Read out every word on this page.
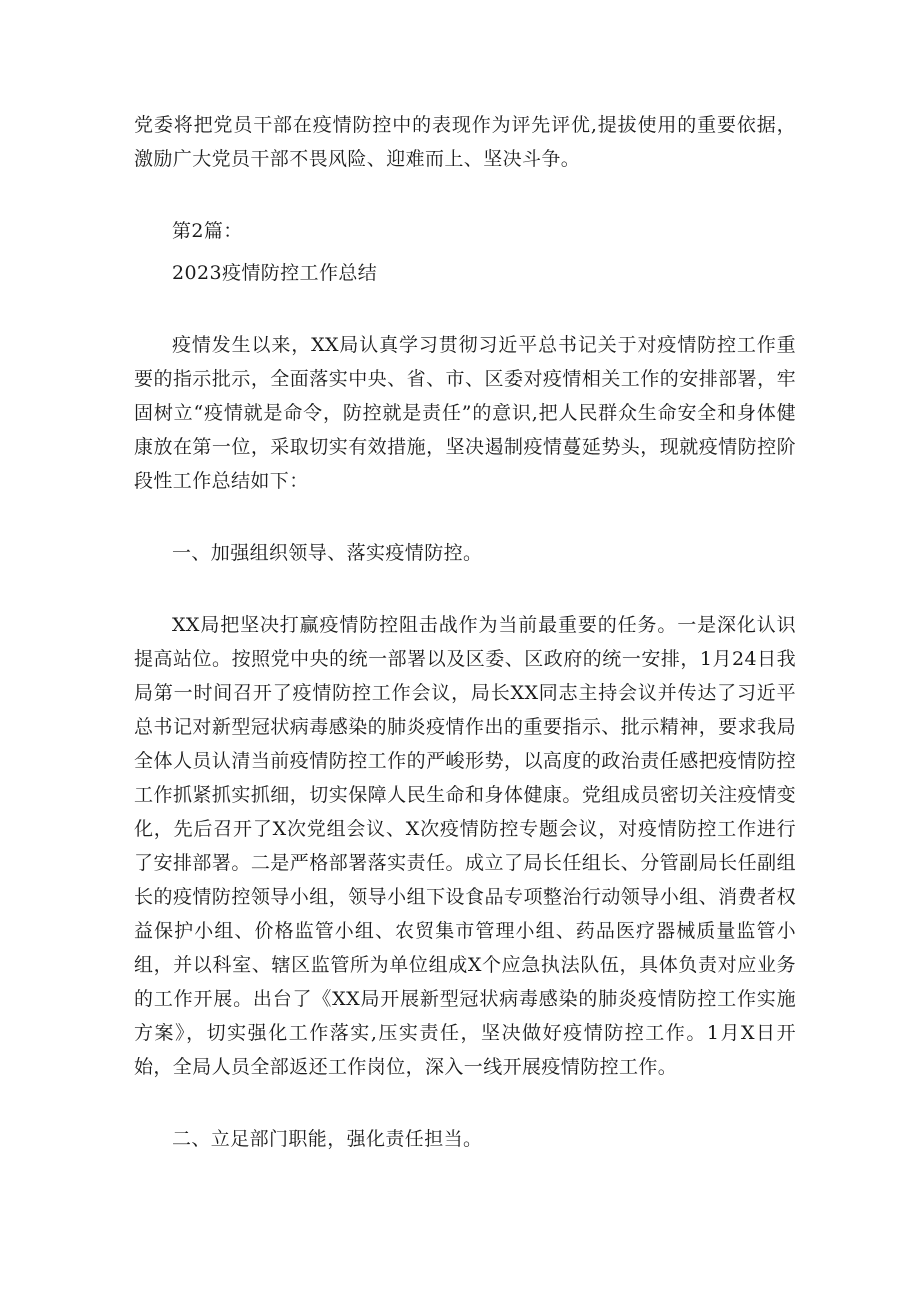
党委将把党员干部在疫情防控中的表现作为评先评优,提拔使用的重要依据，激励广大党员干部不畏风险、迎难而上、坚决斗争。

第2篇：

2023疫情防控工作总结

疫情发生以来，XX局认真学习贯彻习近平总书记关于对疫情防控工作重要的指示批示，全面落实中央、省、市、区委对疫情相关工作的安排部署，牢固树立“疫情就是命令，防控就是责任”的意识,把人民群众生命安全和身体健康放在第一位，采取切实有效措施，坚决遏制疫情蔓延势头，现就疫情防控阶段性工作总结如下：

一、加强组织领导、落实疫情防控。

XX局把坚决打赢疫情防控阻击战作为当前最重要的任务。一是深化认识提高站位。按照党中央的统一部署以及区委、区政府的统一安排，1月24日我局第一时间召开了疫情防控工作会议，局长XX同志主持会议并传达了习近平总书记对新型冠状病毒感染的肺炎疫情作出的重要指示、批示精神，要求我局全体人员认清当前疫情防控工作的严峻形势，以高度的政治责任感把疫情防控工作抓紧抓实抓细，切实保障人民生命和身体健康。党组成员密切关注疫情变化，先后召开了X次党组会议、X次疫情防控专题会议，对疫情防控工作进行了安排部署。二是严格部署落实责任。成立了局长任组长、分管副局长任副组长的疫情防控领导小组，领导小组下设食品专项整治行动领导小组、消费者权益保护小组、价格监管小组、农贸集市管理小组、药品医疗器械质量监管小组，并以科室、辖区监管所为单位组成X个应急执法队伍，具体负责对应业务的工作开展。出台了《XX局开展新型冠状病毒感染的肺炎疫情防控工作实施方案》，切实强化工作落实,压实责任，坚决做好疫情防控工作。1月X日开始，全局人员全部返还工作岗位，深入一线开展疫情防控工作。

二、立足部门职能，强化责任担当。
